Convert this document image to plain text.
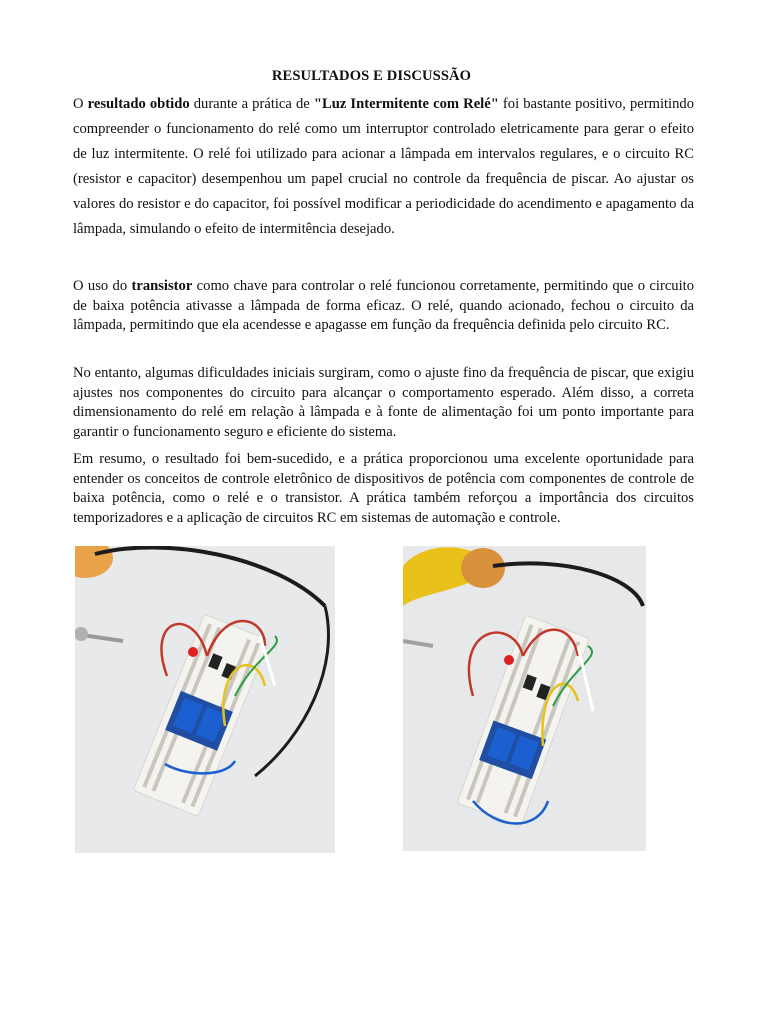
RESULTADOS E DISCUSSÃO

O resultado obtido durante a prática de "Luz Intermitente com Relé" foi bastante positivo, permitindo compreender o funcionamento do relé como um interruptor controlado eletricamente para gerar o efeito de luz intermitente. O relé foi utilizado para acionar a lâmpada em intervalos regulares, e o circuito RC (resistor e capacitor) desempenhou um papel crucial no controle da frequência de piscar. Ao ajustar os valores do resistor e do capacitor, foi possível modificar a periodicidade do acendimento e apagamento da lâmpada, simulando o efeito de intermitência desejado.

O uso do transistor como chave para controlar o relé funcionou corretamente, permitindo que o circuito de baixa potência ativasse a lâmpada de forma eficaz. O relé, quando acionado, fechou o circuito da lâmpada, permitindo que ela acendesse e apagasse em função da frequência definida pelo circuito RC.

No entanto, algumas dificuldades iniciais surgiram, como o ajuste fino da frequência de piscar, que exigiu ajustes nos componentes do circuito para alcançar o comportamento esperado. Além disso, a correta dimensionamento do relé em relação à lâmpada e à fonte de alimentação foi um ponto importante para garantir o funcionamento seguro e eficiente do sistema.

Em resumo, o resultado foi bem-sucedido, e a prática proporcionou uma excelente oportunidade para entender os conceitos de controle eletrônico de dispositivos de potência com componentes de controle de baixa potência, como o relé e o transistor. A prática também reforçou a importância dos circuitos temporizadores e a aplicação de circuitos RC em sistemas de automação e controle.
